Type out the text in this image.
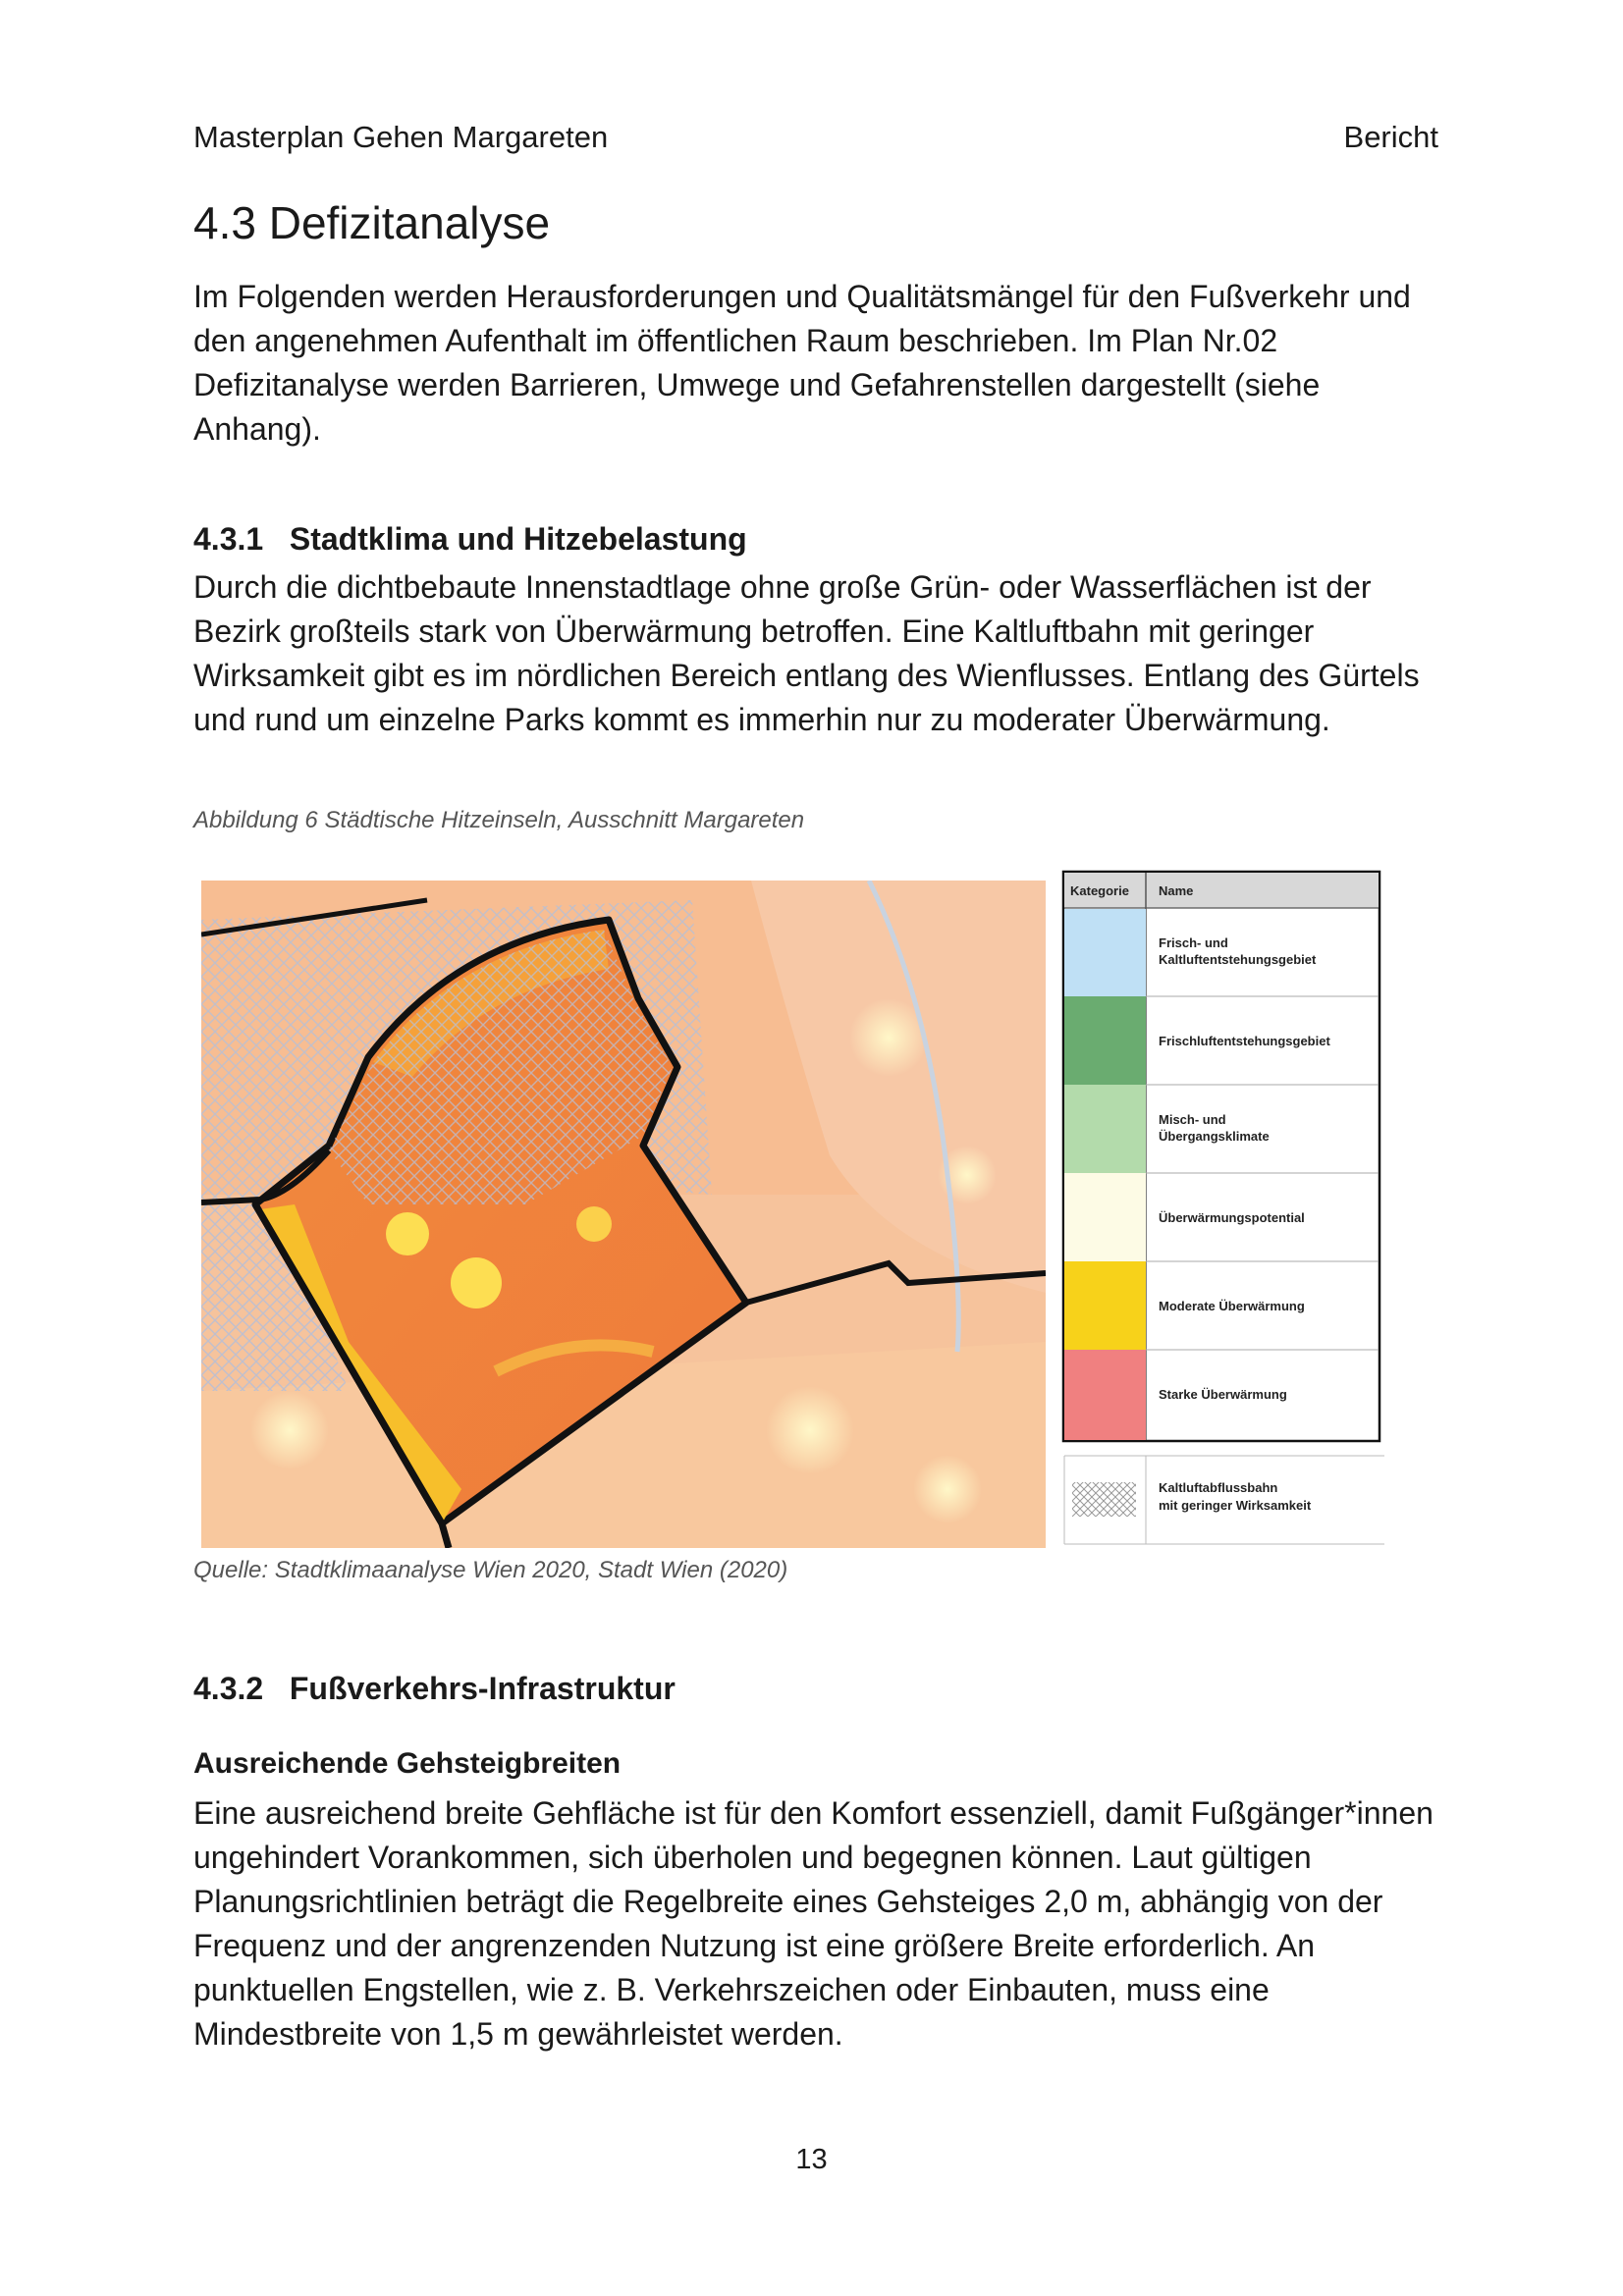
Masterplan Gehen Margareten	Bericht
4.3 Defizitanalyse

Im Folgenden werden Herausforderungen und Qualitätsmängel für den Fußverkehr und den angenehmen Aufenthalt im öffentlichen Raum beschrieben. Im Plan Nr.02 Defizitanalyse werden Barrieren, Umwege und Gefahrenstellen dargestellt (siehe Anhang).

4.3.1   Stadtklima und Hitzebelastung

Durch die dichtbebaute Innenstadtlage ohne große Grün- oder Wasserflächen ist der Bezirk großteils stark von Überwärmung betroffen. Eine Kaltluftbahn mit geringer Wirksamkeit gibt es im nördlichen Bereich entlang des Wienflusses. Entlang des Gürtels und rund um einzelne Parks kommt es immerhin nur zu moderater Überwärmung.

Abbildung 6 Städtische Hitzeinseln, Ausschnitt Margareten
Kategorie Name
Frisch- und
Kaltluftentstehungsgebiet
Frischluftentstehungsgebiet
Misch- und
Übergangsklimate
Überwärmungspotential
Moderate Überwärmung
Starke Überwärmung
Kaltluftabflussbahn
mit geringer Wirksamkeit
Quelle: Stadtklimaanalyse Wien 2020, Stadt Wien (2020)
4.3.2   Fußverkehrs-Infrastruktur
Ausreichende Gehsteigbreiten

Eine ausreichend breite Gehfläche ist für den Komfort essenziell, damit Fußgänger*innen ungehindert Vorankommen, sich überholen und begegnen können. Laut gültigen Planungsrichtlinien beträgt die Regelbreite eines Gehsteiges 2,0 m, abhängig von der Frequenz und der angrenzenden Nutzung ist eine größere Breite erforderlich. An punktuellen Engstellen, wie z. B. Verkehrszeichen oder Einbauten, muss eine Mindestbreite von 1,5 m gewährleistet werden.

13
